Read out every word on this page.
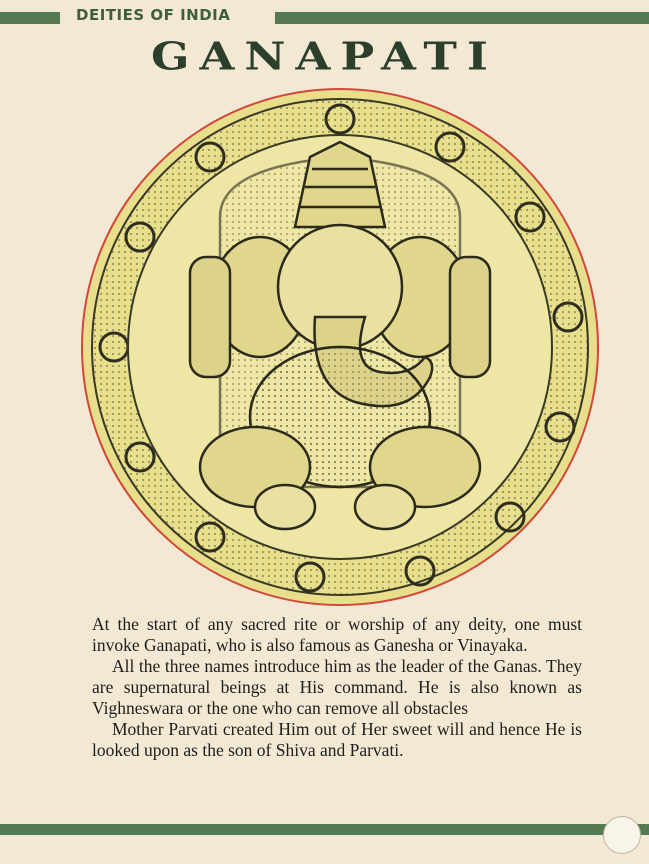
DEITIES OF INDIA
GANAPATI

At the start of any sacred rite or worship of any deity, one must invoke Ganapati, who is also famous as Ganesha or Vinayaka.

All the three names introduce him as the leader of the Ganas. They are supernatural beings at His command. He is also known as Vighneswara or the one who can remove all obstacles

Mother Parvati created Him out of Her sweet will and hence He is looked upon as the son of Shiva and Parvati.
